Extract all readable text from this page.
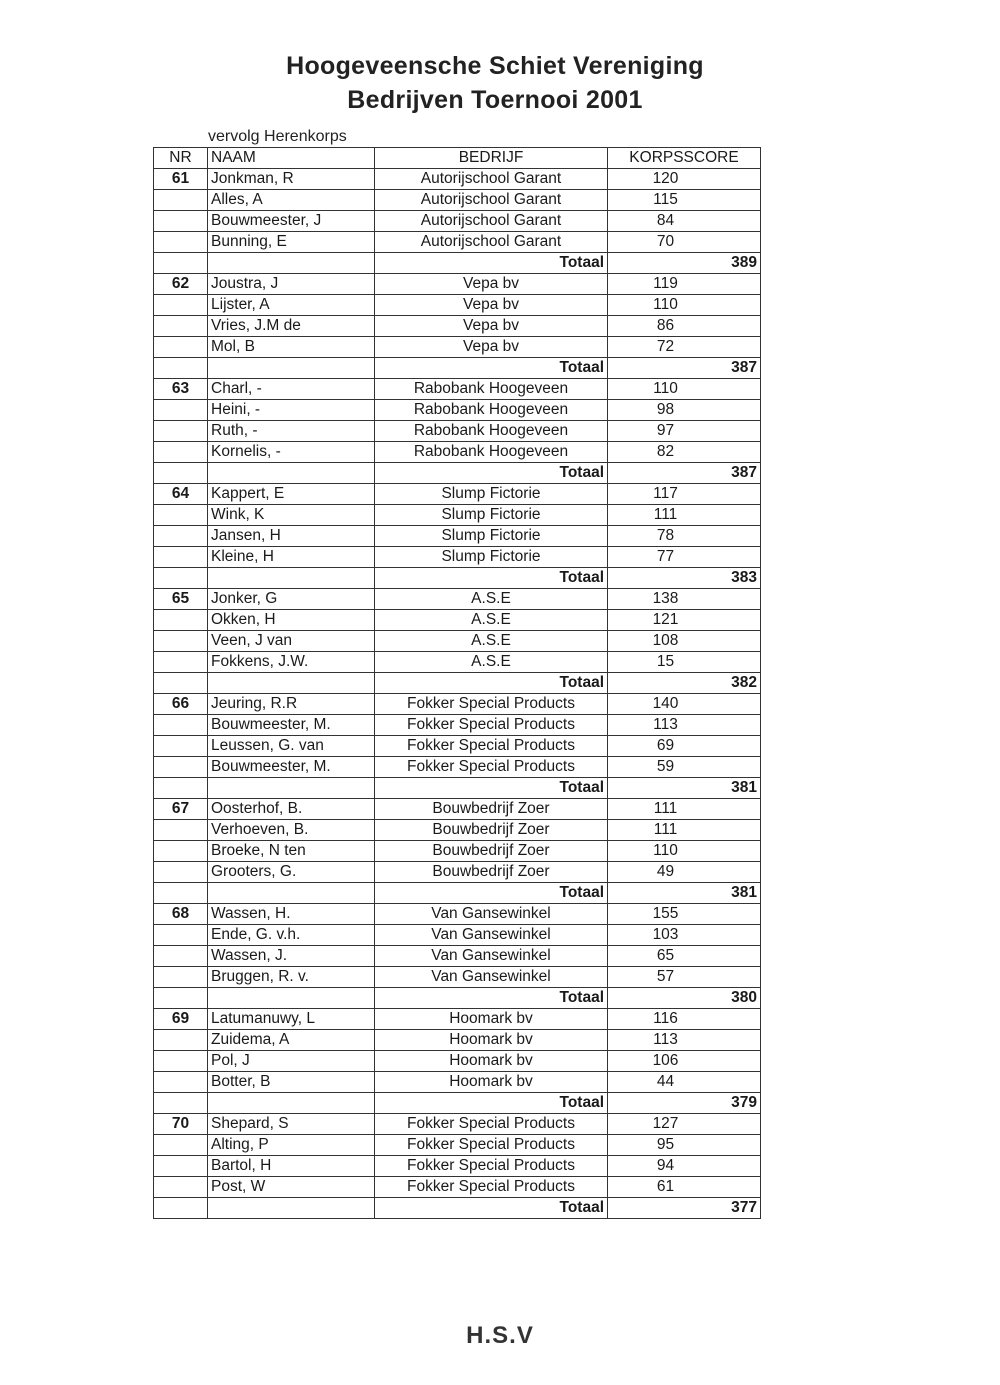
Hoogeveensche Schiet Vereniging
Bedrijven Toernooi 2001
vervolg Herenkorps
NR	NAAM	BEDRIJF	KORPSSCORE
61	Jonkman, R	Autorijschool Garant	120
	Alles, A	Autorijschool Garant	115
	Bouwmeester, J	Autorijschool Garant	84
	Bunning, E	Autorijschool Garant	70
		Totaal	389
62	Joustra, J	Vepa bv	119
	Lijster, A	Vepa bv	110
	Vries, J.M de	Vepa bv	86
	Mol, B	Vepa bv	72
		Totaal	387
63	Charl, -	Rabobank Hoogeveen	110
	Heini, -	Rabobank Hoogeveen	98
	Ruth, -	Rabobank Hoogeveen	97
	Kornelis, -	Rabobank Hoogeveen	82
		Totaal	387
64	Kappert, E	Slump Fictorie	117
	Wink, K	Slump Fictorie	111
	Jansen, H	Slump Fictorie	78
	Kleine, H	Slump Fictorie	77
		Totaal	383
65	Jonker, G	A.S.E	138
	Okken, H	A.S.E	121
	Veen, J van	A.S.E	108
	Fokkens, J.W.	A.S.E	15
		Totaal	382
66	Jeuring, R.R	Fokker Special Products	140
	Bouwmeester, M.	Fokker Special Products	113
	Leussen, G. van	Fokker Special Products	69
	Bouwmeester, M.	Fokker Special Products	59
		Totaal	381
67	Oosterhof, B.	Bouwbedrijf Zoer	111
	Verhoeven, B.	Bouwbedrijf Zoer	111
	Broeke, N ten	Bouwbedrijf Zoer	110
	Grooters, G.	Bouwbedrijf Zoer	49
		Totaal	381
68	Wassen, H.	Van Gansewinkel	155
	Ende, G. v.h.	Van Gansewinkel	103
	Wassen, J.	Van Gansewinkel	65
	Bruggen, R. v.	Van Gansewinkel	57
		Totaal	380
69	Latumanuwy, L	Hoomark bv	116
	Zuidema, A	Hoomark bv	113
	Pol, J	Hoomark bv	106
	Botter, B	Hoomark bv	44
		Totaal	379
70	Shepard, S	Fokker Special Products	127
	Alting, P	Fokker Special Products	95
	Bartol, H	Fokker Special Products	94
	Post, W	Fokker Special Products	61
		Totaal	377
H.S.V
